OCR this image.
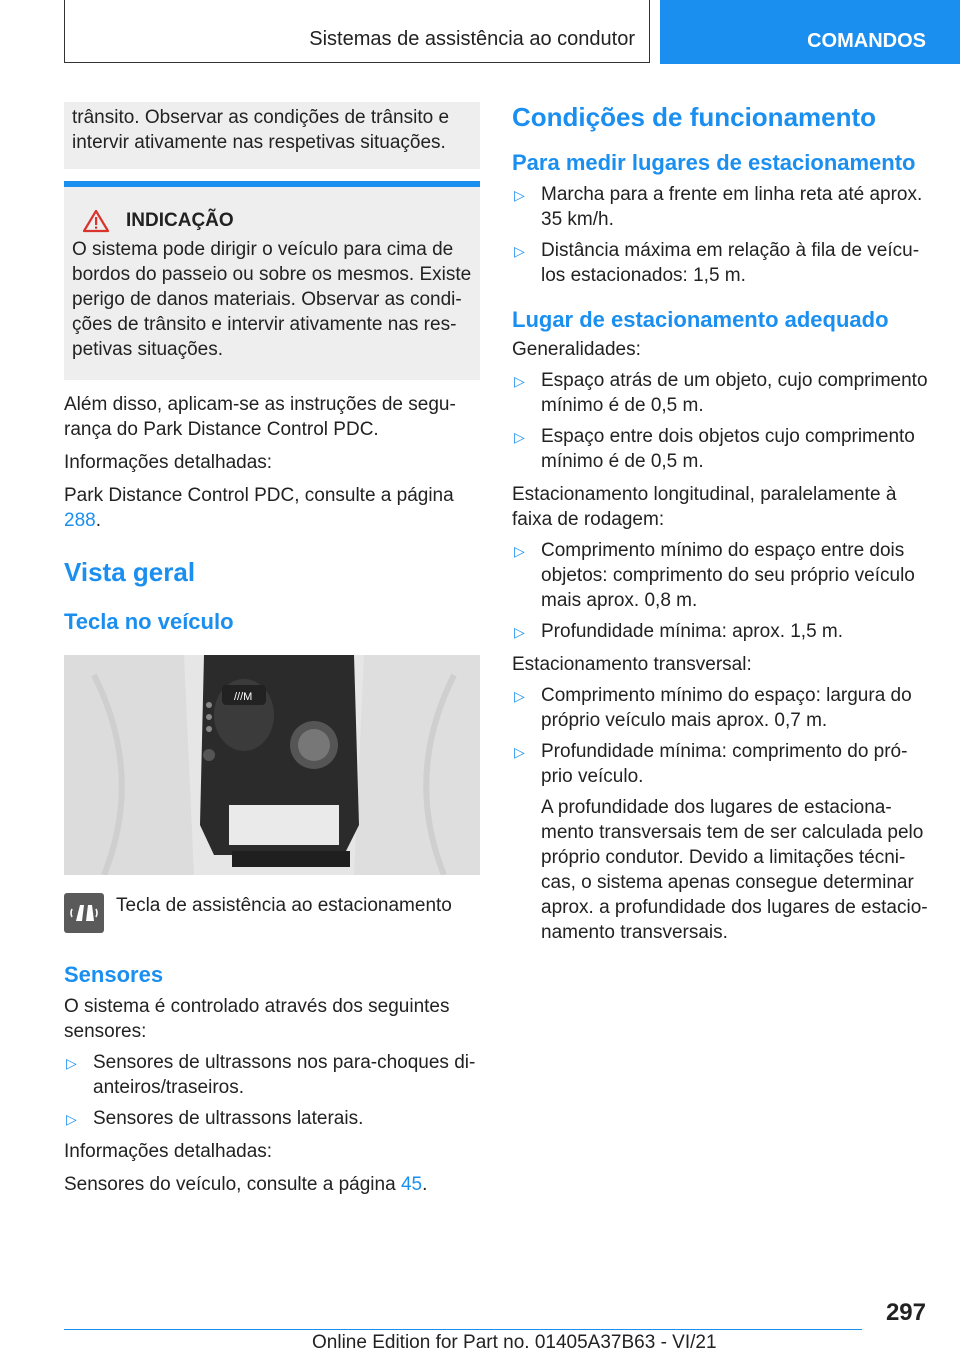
Sistemas de assistência ao condutor	COMANDOS

trânsito. Observar as condições de trânsito e intervir ativamente nas respetivas situações.

INDICAÇÃO

O sistema pode dirigir o veículo para cima de bordos do passeio ou sobre os mesmos. Existe perigo de danos materiais. Observar as condições de trânsito e intervir ativamente nas respetivas situações.

Além disso, aplicam-se as instruções de segurança do Park Distance Control PDC.

Informações detalhadas:

Park Distance Control PDC, consulte a página 288.

Vista geral
Tecla no veículo
///M

Tecla de assistência ao estacionamento

Sensores

O sistema é controlado através dos seguintes sensores:

▷ Sensores de ultrassons nos para-choques dianteiros/traseiros.
▷ Sensores de ultrassons laterais.

Informações detalhadas:

Sensores do veículo, consulte a página 45.

Condições de funcionamento
Para medir lugares de estacionamento
▷ Marcha para a frente em linha reta até aprox. 35 km/h.
▷ Distância máxima em relação à fila de veículos estacionados: 1,5 m.
Lugar de estacionamento adequado

Generalidades:

▷ Espaço atrás de um objeto, cujo comprimento mínimo é de 0,5 m.
▷ Espaço entre dois objetos cujo comprimento mínimo é de 0,5 m.

Estacionamento longitudinal, paralelamente à faixa de rodagem:

▷ Comprimento mínimo do espaço entre dois objetos: comprimento do seu próprio veículo mais aprox. 0,8 m.
▷ Profundidade mínima: aprox. 1,5 m.

Estacionamento transversal:

▷ Comprimento mínimo do espaço: largura do próprio veículo mais aprox. 0,7 m.
▷ Profundidade mínima: comprimento do próprio veículo.

A profundidade dos lugares de estacionamento transversais tem de ser calculada pelo próprio condutor. Devido a limitações técnicas, o sistema apenas consegue determinar aprox. a profundidade dos lugares de estacionamento transversais.

297
Online Edition for Part no. 01405A37B63 - VI/21
